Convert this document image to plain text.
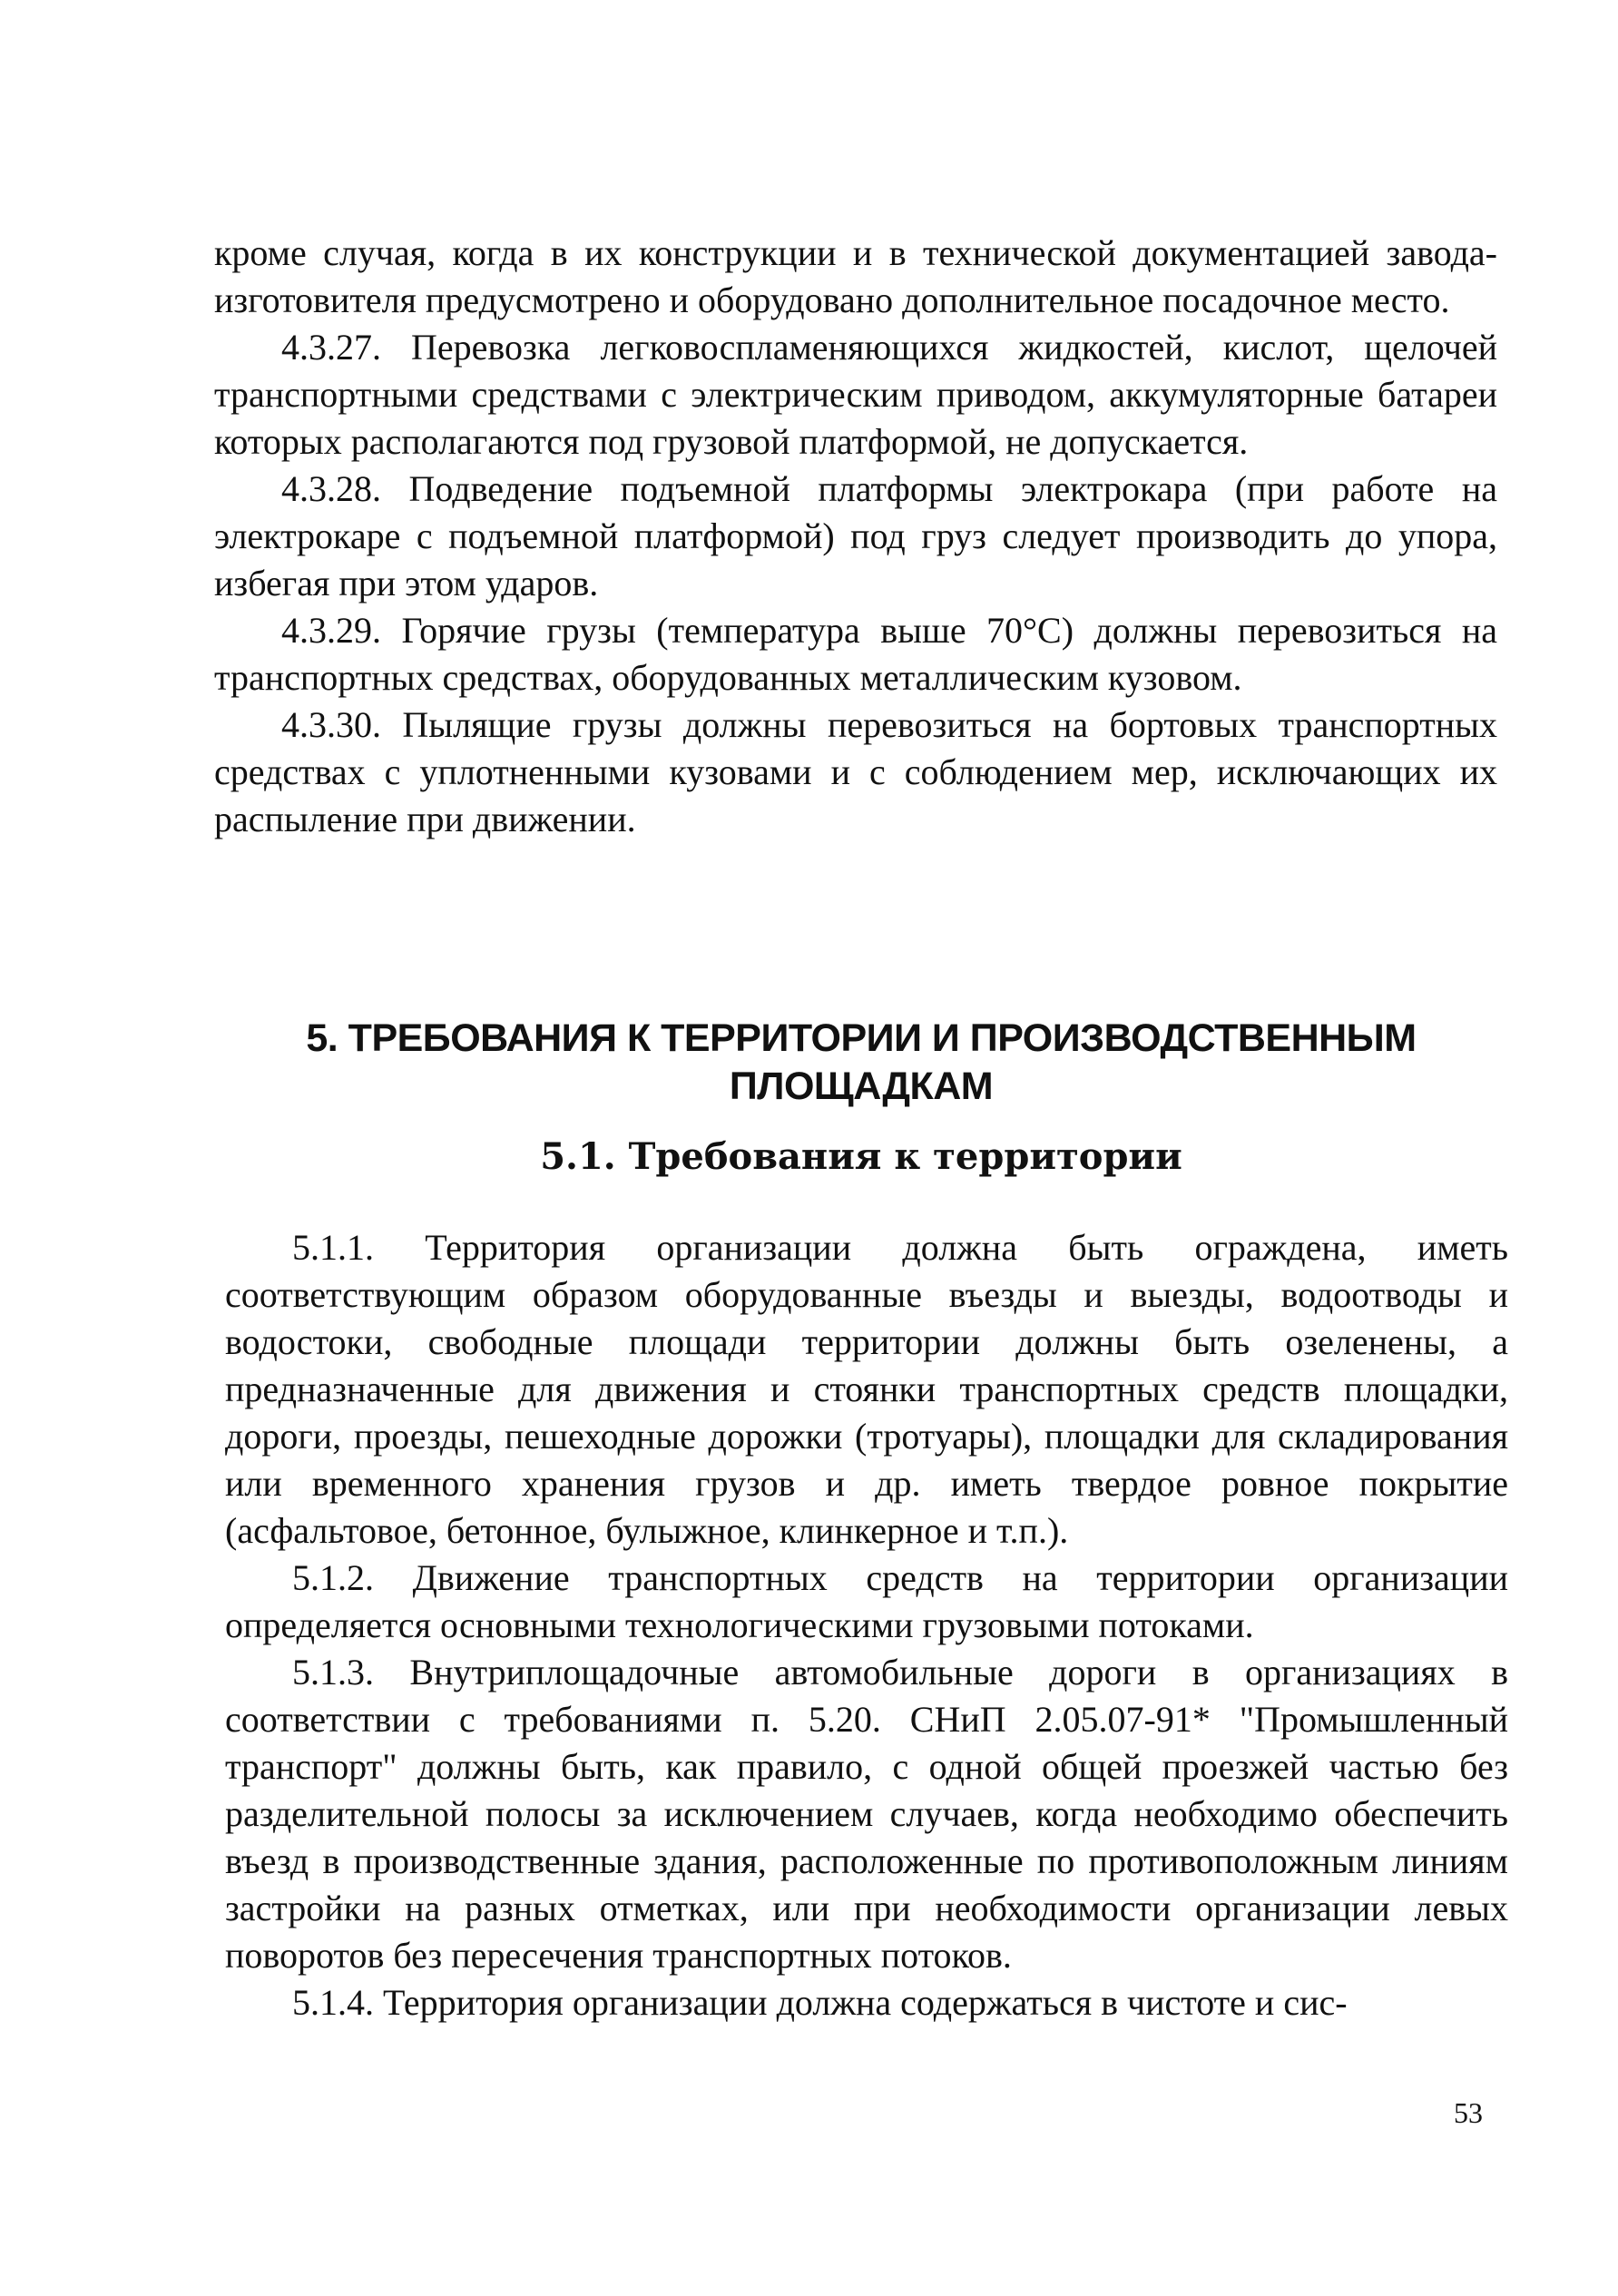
кроме случая, когда в их конструкции и в технической документацией завода-изготовителя предусмотрено и оборудовано дополнительное посадочное место.

4.3.27. Перевозка легковоспламеняющихся жидкостей, кислот, щелочей транспортными средствами с электрическим приводом, аккумуляторные батареи которых располагаются под грузовой платформой, не допускается.

4.3.28. Подведение подъемной платформы электрокара (при работе на электрокаре с подъемной платформой) под груз следует производить до упора, избегая при этом ударов.

4.3.29. Горячие грузы (температура выше 70°С) должны перевозиться на транспортных средствах, оборудованных металлическим кузовом.

4.3.30. Пылящие грузы должны перевозиться на бортовых транспортных средствах с уплотненными кузовами и с соблюдением мер, исключающих их распыление при движении.

5. ТРЕБОВАНИЯ К ТЕРРИТОРИИ И ПРОИЗВОДСТВЕННЫМ ПЛОЩАДКАМ
5.1. Требования к территории

5.1.1. Территория организации должна быть ограждена, иметь соответствующим образом оборудованные въезды и выезды, водоотводы и водостоки, свободные площади территории должны быть озеленены, а предназначенные для движения и стоянки транспортных средств площадки, дороги, проезды, пешеходные дорожки (тротуары), площадки для складирования или временного хранения грузов и др. иметь твердое ровное покрытие (асфальтовое, бетонное, булыжное, клинкерное и т.п.).

5.1.2. Движение транспортных средств на территории организации определяется основными технологическими грузовыми потоками.

5.1.3. Внутриплощадочные автомобильные дороги в организациях в соответствии с требованиями п. 5.20. СНиП 2.05.07-91* "Промышленный транспорт" должны быть, как правило, с одной общей проезжей частью без разделительной полосы за исключением случаев, когда необходимо обеспечить въезд в производственные здания, расположенные по противоположным линиям застройки на разных отметках, или при необходимости организации левых поворотов без пересечения транспортных потоков.

5.1.4. Территория организации должна содержаться в чистоте и сис-

53
